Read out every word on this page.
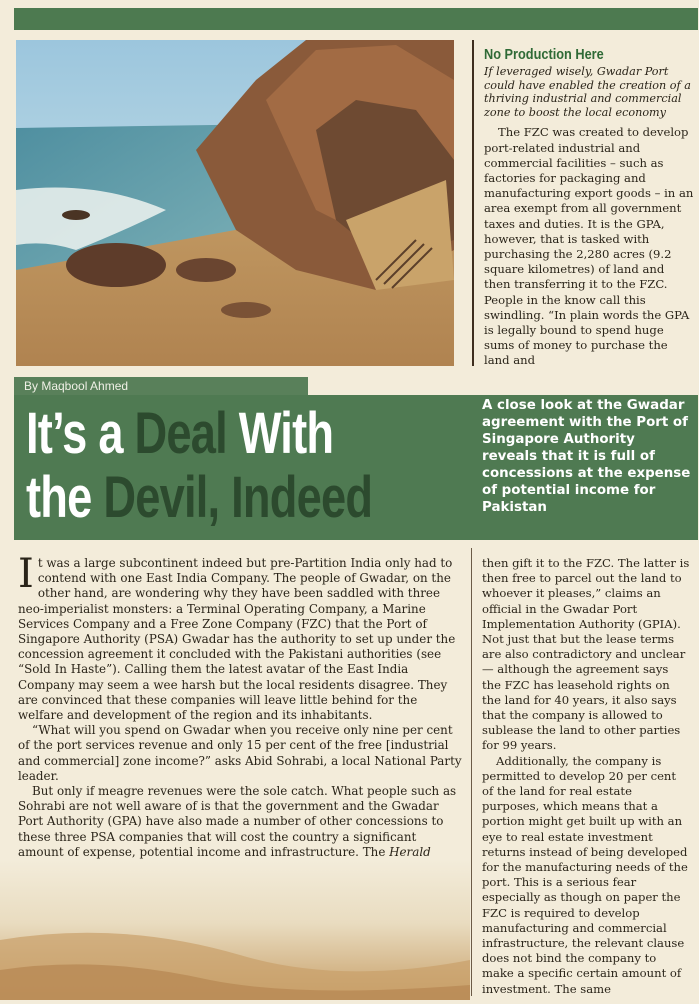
No Production Here
If leveraged wisely, Gwadar Port could have enabled the creation of a thriving industrial and commercial zone to boost the local economy

The FZC was created to develop port-related industrial and commercial facilities – such as factories for packaging and manufacturing export goods – in an area exempt from all government taxes and duties. It is the GPA, however, that is tasked with purchasing the 2,280 acres (9.2 square kilometres) of land and then transferring it to the FZC. People in the know call this swindling. “In plain words the GPA is legally bound to spend huge sums of money to purchase the land and

By Maqbool Ahmed
It’s a Deal With
the Devil, Indeed
A close look at the Gwadar agreement with the Port of Singapore Authority reveals that it is full of concessions at the expense of potential income for Pakistan

It was a large subcontinent indeed but pre-Partition India only had to contend with one East India Company. The people of Gwadar, on the other hand, are wondering why they have been saddled with three neo-imperialist monsters: a Terminal Operating Company, a Marine Services Company and a Free Zone Company (FZC) that the Port of Singapore Authority (PSA) Gwadar has the authority to set up under the concession agreement it concluded with the Pakistani authorities (see “Sold In Haste”). Calling them the latest avatar of the East India Company may seem a wee harsh but the local residents disagree. They are convinced that these companies will leave little behind for the welfare and development of the region and its inhabitants.

“What will you spend on Gwadar when you receive only nine per cent of the port services revenue and only 15 per cent of the free [industrial and commercial] zone income?” asks Abid Sohrabi, a local National Party leader.

But only if meagre revenues were the sole catch. What people such as Sohrabi are not well aware of is that the government and the Gwadar Port Authority (GPA) have also made a number of other concessions to these three PSA companies that will cost the country a significant amount of expense, potential income and infrastructure. The Herald

then gift it to the FZC. The latter is then free to parcel out the land to whoever it pleases,” claims an official in the Gwadar Port Implementation Authority (GPIA). Not just that but the lease terms are also contradictory and unclear — although the agreement says the FZC has leasehold rights on the land for 40 years, it also says that the company is allowed to sublease the land to other parties for 99 years.

Additionally, the company is permitted to develop 20 per cent of the land for real estate purposes, which means that a portion might get built up with an eye to real estate investment returns instead of being developed for the manufacturing needs of the port. This is a serious fear especially as though on paper the FZC is required to develop manufacturing and commercial infrastructure, the relevant clause does not bind the company to make a specific certain amount of investment. The same
